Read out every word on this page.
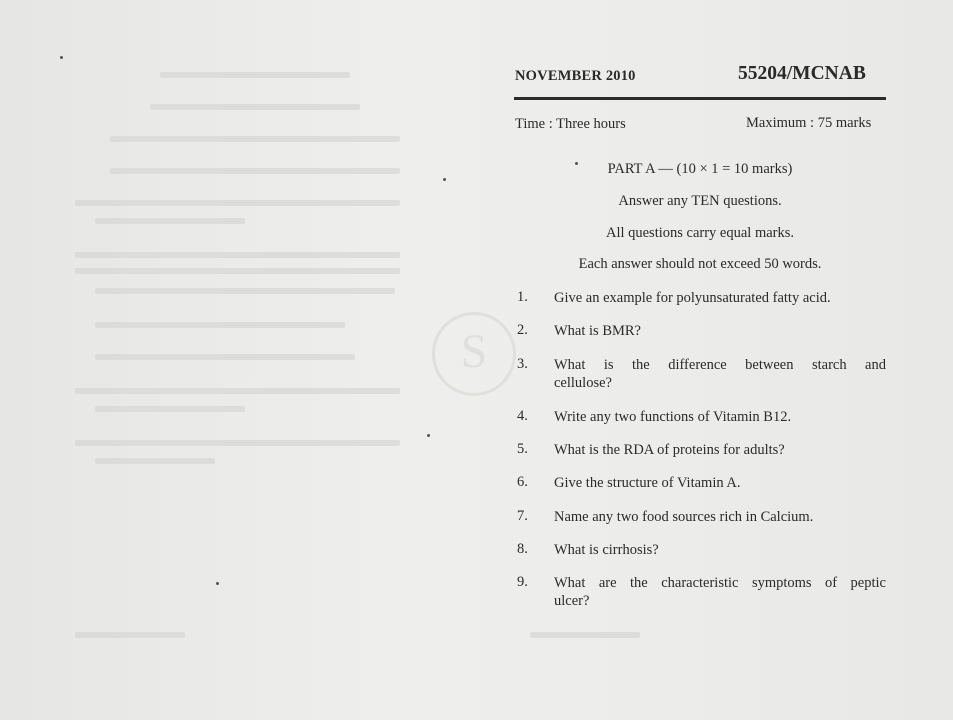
S
NOVEMBER 2010	55204/MCNAB
Time : Three hours	Maximum : 75 marks
PART A — (10 × 1 = 10 marks)
Answer any TEN questions.
All questions carry equal marks.
Each answer should not exceed 50 words.
1. Give an example for polyunsaturated fatty acid.
2. What is BMR?
3. What is the difference between starch and
cellulose?
4. Write any two functions of Vitamin B12.
5. What is the RDA of proteins for adults?
6. Give the structure of Vitamin A.
7. Name any two food sources rich in Calcium.
8. What is cirrhosis?
9. What are the characteristic symptoms of peptic
ulcer?
